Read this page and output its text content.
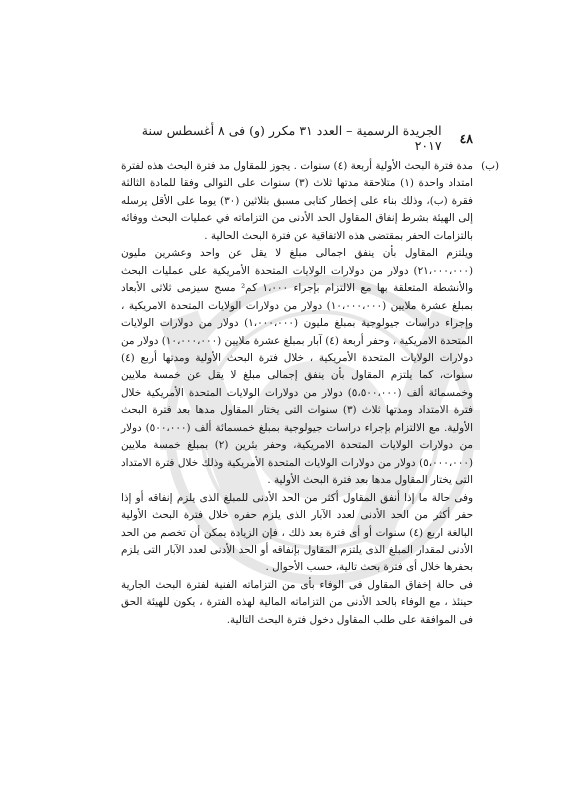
٤٨
الجريدة الرسمية – العدد ٣١ مكرر (و) فى ٨ أغسطس سنة ٢٠١٧

(ب)
مدة فترة البحث الأولية أربعة (٤) سنوات . يجوز للمقاول مد فترة البحث هذه لفترة امتداد واحدة (١) متلاحقة مدتها ثلاث (٣) سنوات على التوالى وفقا للمادة الثالثة فقرة (ب)، وذلك بناء على إخطار كتابى مسبق بثلاثين (٣٠) يوما على الأقل يرسله إلى الهيئة بشرط إنفاق المقاول الحد الأدنى من التزاماته في عمليات البحث ووفائه بالتزامات الحفر بمقتضى هذه الاتفاقية عن فترة البحث الحالية .

ويلتزم المقاول بأن ينفق اجمالى مبلغ لا يقل عن واحد وعشرين مليون (٢١،٠٠٠،٠٠٠) دولار من دولارات الولايات المتحدة الأمريكية على عمليات البحث والأنشطة المتعلقة بها مع الالتزام بإجراء ١،٠٠٠ كم² مسح سيزمى ثلاثى الأبعاد بمبلغ عشرة ملايين (١٠،٠٠٠،٠٠٠) دولار من دولارات الولايات المتحدة الامريكية ، وإجراء دراسات جيولوجية بمبلغ مليون (١،٠٠٠،٠٠٠) دولار من دولارات الولايات المتحدة الامريكية ، وحفر أربعة (٤) آبار بمبلغ عشرة ملايين (١٠،٠٠٠،٠٠٠) دولار من دولارات الولايات المتحدة الأمريكية ، خلال فترة البحث الأولية ومدتها أربع (٤) سنوات، كما يلتزم المقاول بأن ينفق إجمالى مبلغ لا يقل عن خمسة ملايين وخمسمائة ألف (٥،٥٠٠،٠٠٠) دولار من دولارات الولايات المتحدة الأمريكية خلال فترة الامتداد ومدتها ثلاث (٣) سنوات التى يختار المقاول مدها بعد فترة البحث الأولية. مع الالتزام بإجراء دراسات جيولوجية بمبلغ خمسمائة ألف (٥٠٠،٠٠٠) دولار من دولارات الولايات المتحدة الامريكية، وحفر بئرين (٢) بمبلغ خمسة ملايين (٥،٠٠٠،٠٠٠) دولار من دولارات الولايات المتحدة الأمريكية وذلك خلال فترة الامتداد التى يختار المقاول مدها بعد فترة البحث الأولية .

وفى حالة ما إذا أنفق المقاول أكثر من الحد الأدنى للمبلغ الذى يلزم إنفاقه أو إذا حفر أكثر من الحد الأدنى لعدد الآبار الذى يلزم حفره خلال فترة البحث الأولية البالغة اربع (٤) سنوات أو أى فترة بعد ذلك ، فإن الزيادة يمكن أن تخصم من الحد الأدنى لمقدار المبلغ الذى يلتزم المقاول بإنفاقه أو الحد الأدنى لعدد الآبار التى يلزم بحفرها خلال أى فترة بحث تالية، حسب الأحوال .

فى حالة إخفاق المقاول فى الوفاء بأى من التزاماته الفنية لفترة البحث الجارية حينئذ ، مع الوفاء بالحد الأدنى من التزاماته المالية لهذه الفترة ، يكون للهيئة الحق فى الموافقة على طلب المقاول دخول فترة البحث التالية.
